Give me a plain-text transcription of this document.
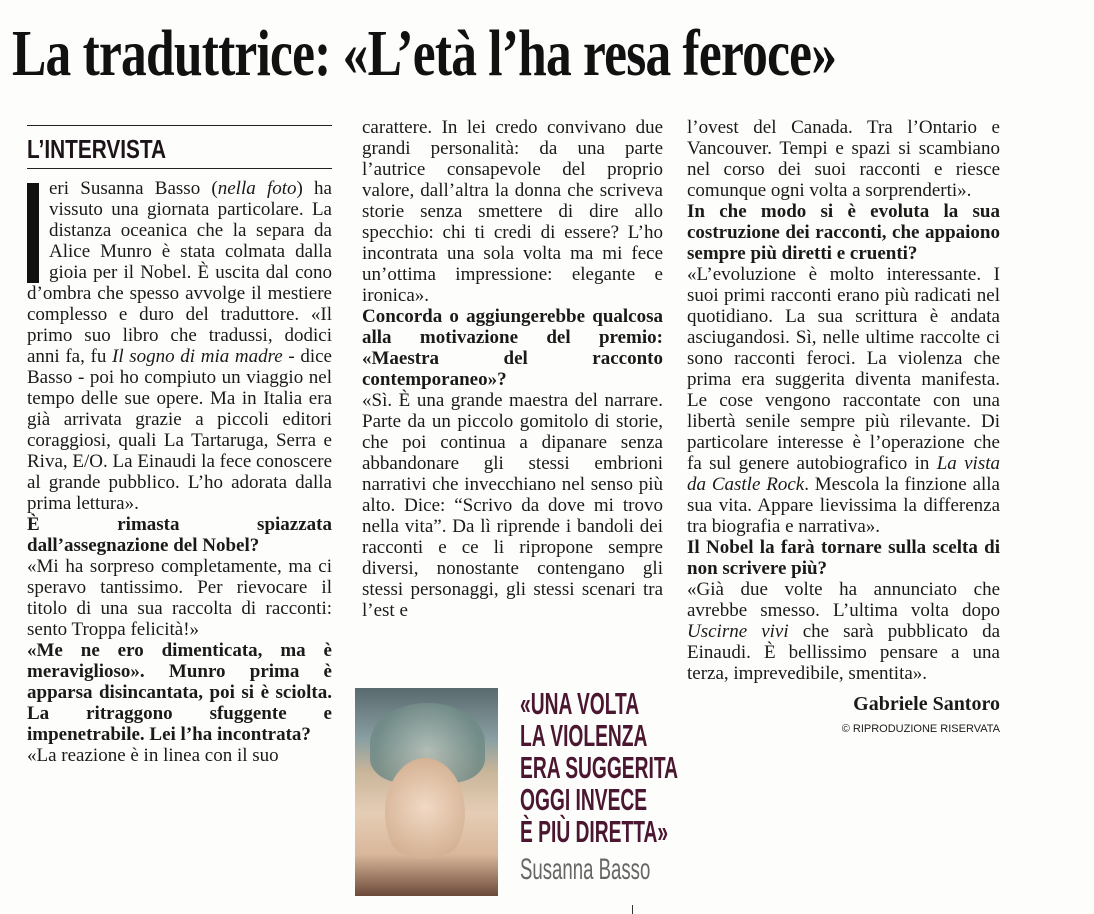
La traduttrice: «L’età l’ha resa feroce»
L’INTERVISTA

eri Susanna Basso (nella foto) ha vissuto una giornata particolare. La distanza oceanica che la separa da Alice Munro è stata colmata dalla gioia per il Nobel. È uscita dal cono d’ombra che spesso avvolge il mestiere complesso e duro del traduttore. «Il primo suo libro che tradussi, dodici anni fa, fu Il sogno di mia madre - dice Basso - poi ho compiuto un viaggio nel tempo delle sue opere. Ma in Italia era già arrivata grazie a piccoli editori coraggiosi, quali La Tartaruga, Serra e Riva, E/O. La Einaudi la fece conoscere al grande pubblico. L’ho adorata dalla prima lettura».

È rimasta spiazzata dall’assegnazione del Nobel?

«Mi ha sorpreso completamente, ma ci speravo tantissimo. Per rievocare il titolo di una sua raccolta di racconti: sento Troppa felicità!»

«Me ne ero dimenticata, ma è meraviglioso». Munro prima è apparsa disincantata, poi si è sciolta. La ritraggono sfuggente e impenetrabile. Lei l’ha incontrata?

«La reazione è in linea con il suo

carattere. In lei credo convivano due grandi personalità: da una parte l’autrice consapevole del proprio valore, dall’altra la donna che scriveva storie senza smettere di dire allo specchio: chi ti credi di essere? L’ho incontrata una sola volta ma mi fece un’ottima impressione: elegante e ironica».

Concorda o aggiungerebbe qualcosa alla motivazione del premio: «Maestra del racconto contemporaneo»?

«Sì. È una grande maestra del narrare. Parte da un piccolo gomitolo di storie, che poi continua a dipanare senza abbandonare gli stessi embrioni narrativi che invecchiano nel senso più alto. Dice: “Scrivo da dove mi trovo nella vita”. Da lì riprende i bandoli dei racconti e ce li ripropone sempre diversi, nonostante contengano gli stessi personaggi, gli stessi scenari tra l’est e

l’ovest del Canada. Tra l’Ontario e Vancouver. Tempi e spazi si scambiano nel corso dei suoi racconti e riesce comunque ogni volta a sorprenderti».

In che modo si è evoluta la sua costruzione dei racconti, che appaiono sempre più diretti e cruenti?

«L’evoluzione è molto interessante. I suoi primi racconti erano più radicati nel quotidiano. La sua scrittura è andata asciugandosi. Sì, nelle ultime raccolte ci sono racconti feroci. La violenza che prima era suggerita diventa manifesta. Le cose vengono raccontate con una libertà senile sempre più rilevante. Di particolare interesse è l’operazione che fa sul genere autobiografico in La vista da Castle Rock. Mescola la finzione alla sua vita. Appare lievissima la differenza tra biografia e narrativa».

Il Nobel la farà tornare sulla scelta di non scrivere più?

«Già due volte ha annunciato che avrebbe smesso. L’ultima volta dopo Uscirne vivi che sarà pubblicato da Einaudi. È bellissimo pensare a una terza, imprevedibile, smentita».

Gabriele Santoro
© RIPRODUZIONE RISERVATA
«UNA VOLTA
LA VIOLENZA
ERA SUGGERITA
OGGI INVECE
È PIÙ DIRETTA»
Susanna Basso
